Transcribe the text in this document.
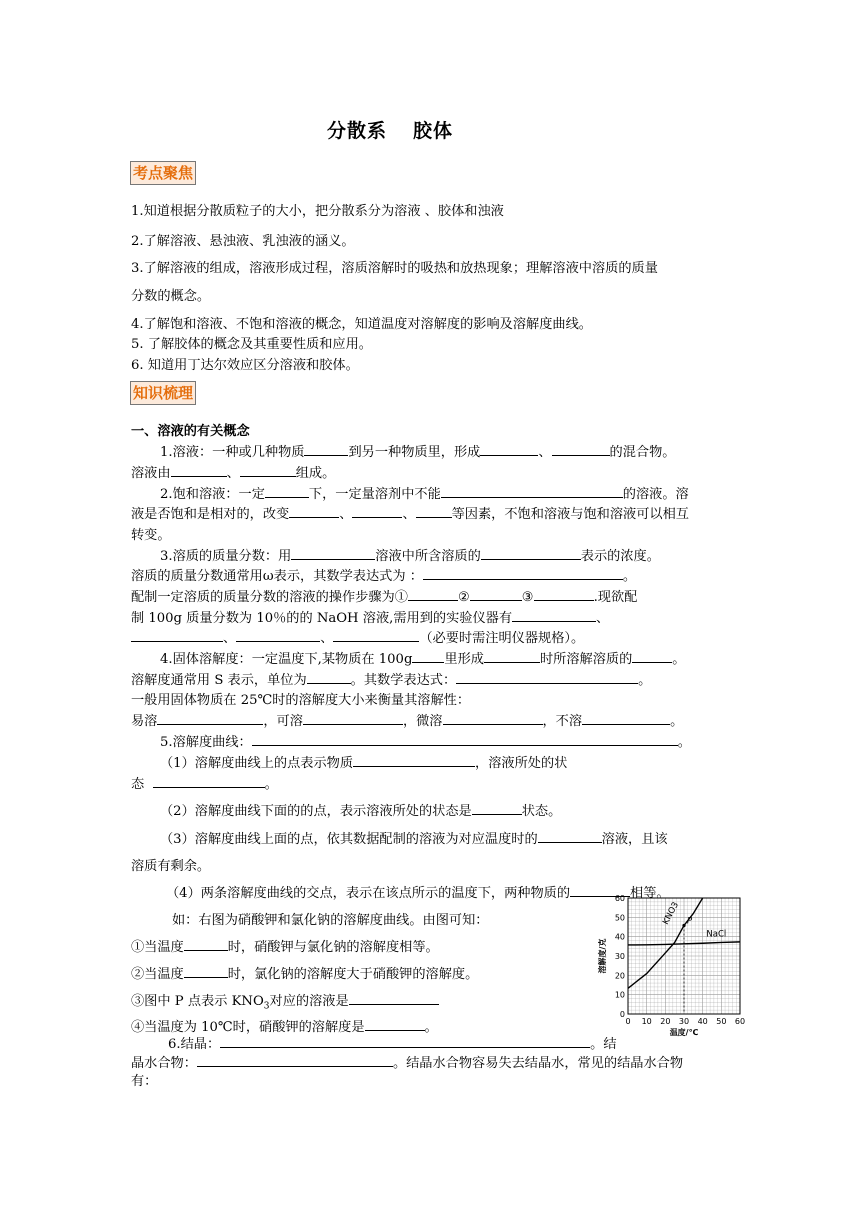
分散系 胶体
考点聚焦
1.知道根据分散质粒子的大小，把分散系分为溶液 、胶体和浊液
2.了解溶液、悬浊液、乳浊液的涵义。
3.了解溶液的组成，溶液形成过程，溶质溶解时的吸热和放热现象；理解溶液中溶质的质量
分数的概念。
4.了解饱和溶液、不饱和溶液的概念，知道温度对溶解度的影响及溶解度曲线。
5. 了解胶体的概念及其重要性质和应用。
6. 知道用丁达尔效应区分溶液和胶体。
知识梳理
一、溶液的有关概念
1.溶液：一种或几种物质	到另一种物质里，形成	、	的混合物。
溶液由	、	组成。
2.饱和溶液：一定	下，一定量溶剂中不能	的溶液。溶
液是否饱和是相对的，改变	、	、	等因素，不饱和溶液与饱和溶液可以相互
转变。
3.溶质的质量分数：用	溶液中所含溶质的	表示的浓度。
溶质的质量分数通常用ω表示，其数学表达式为 ：	。
配制一定溶质的质量分数的溶液的操作步骤为①	②	③	.现欲配
制 100g 质量分数为 10％的的 NaOH 溶液,需用到的实验仪器有	、
、	、	（必要时需注明仪器规格）。
4.固体溶解度：一定温度下,某物质在 100g 里形成	时所溶解溶质的	。
溶解度通常用 S 表示，单位为	。其数学表达式：	。
一般用固体物质在 25℃时的溶解度大小来衡量其溶解性：
易溶	，可溶	，微溶	，不溶	。
5.溶解度曲线：	。
（1）溶解度曲线上的点表示物质	，溶液所处的状
态	。
（2）溶解度曲线下面的的点，表示溶液所处的状态是	状态。
（3）溶解度曲线上面的点，依其数据配制的溶液为对应温度时的	溶液，且该
溶质有剩余。
（4）两条溶解度曲线的交点，表示在该点所示的温度下，两种物质的	相等。
如：右图为硝酸钾和氯化钠的溶解度曲线。由图可知：
①当温度	时，硝酸钾与氯化钠的溶解度相等。
②当温度	时，氯化钠的溶解度大于硝酸钾的溶解度。
③图中 P 点表示 $KNO_3$对应的溶液是
④当温度为 10℃时，硝酸钾的溶解度是	。
6.结晶：	。结
晶水合物：	。结晶水合物容易失去结晶水，常见的结晶水合物
有：
0 10 20 30 40 50 60
0
10
20
30
40
50
60
KNO3
NaCl
P
溶解度/克
温度/℃
